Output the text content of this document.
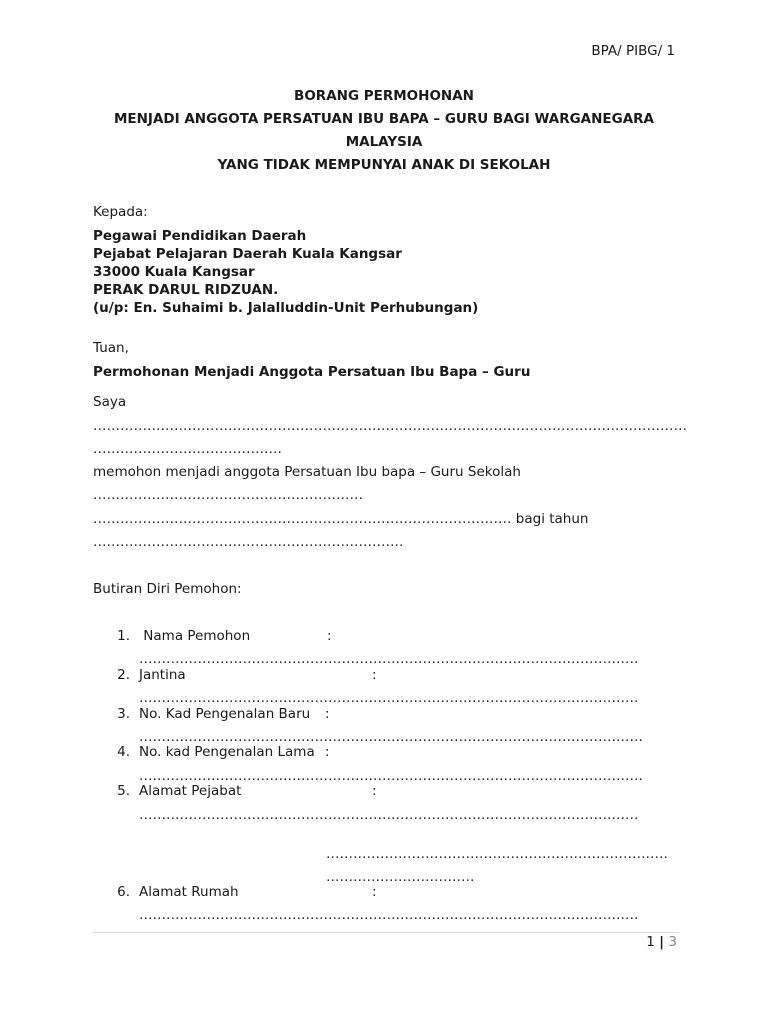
BPA/ PIBG/ 1
BORANG PERMOHONAN
MENJADI ANGGOTA PERSATUAN IBU BAPA – GURU BAGI WARGANEGARA
MALAYSIA
YANG TIDAK MEMPUNYAI ANAK DI SEKOLAH
Kepada:
Pegawai Pendidikan Daerah
Pejabat Pelajaran Daerah Kuala Kangsar
33000 Kuala Kangsar
PERAK DARUL RIDZUAN.
(u/p: En. Suhaimi b. Jalalluddin-Unit Perhubungan)
Tuan,
Permohonan Menjadi Anggota Persatuan Ibu Bapa – Guru
Saya
……………………………………………………………………………………………………………………
……………………………………
memohon menjadi anggota Persatuan Ibu bapa – Guru Sekolah
……………………………………………………
………………………………………………………………………………… bagi tahun
……………………………………………………………
Butiran Diri Pemohon:
1. Nama Pemohon	:
…………………………………………………………………………………………………
2. Jantina	:
…………………………………………………………………………………………………
3. No. Kad Pengenalan Baru :
………………………………………………………………………………………………….
4. No. kad Pengenalan Lama :
………………………………………………………………………………………………….
5. Alamat Pejabat	:
…………………………………………………………………………………………………
………………………………………………………………….
……………………………
6. Alamat Rumah	:
…………………………………………………………………………………………………
1 | 3
